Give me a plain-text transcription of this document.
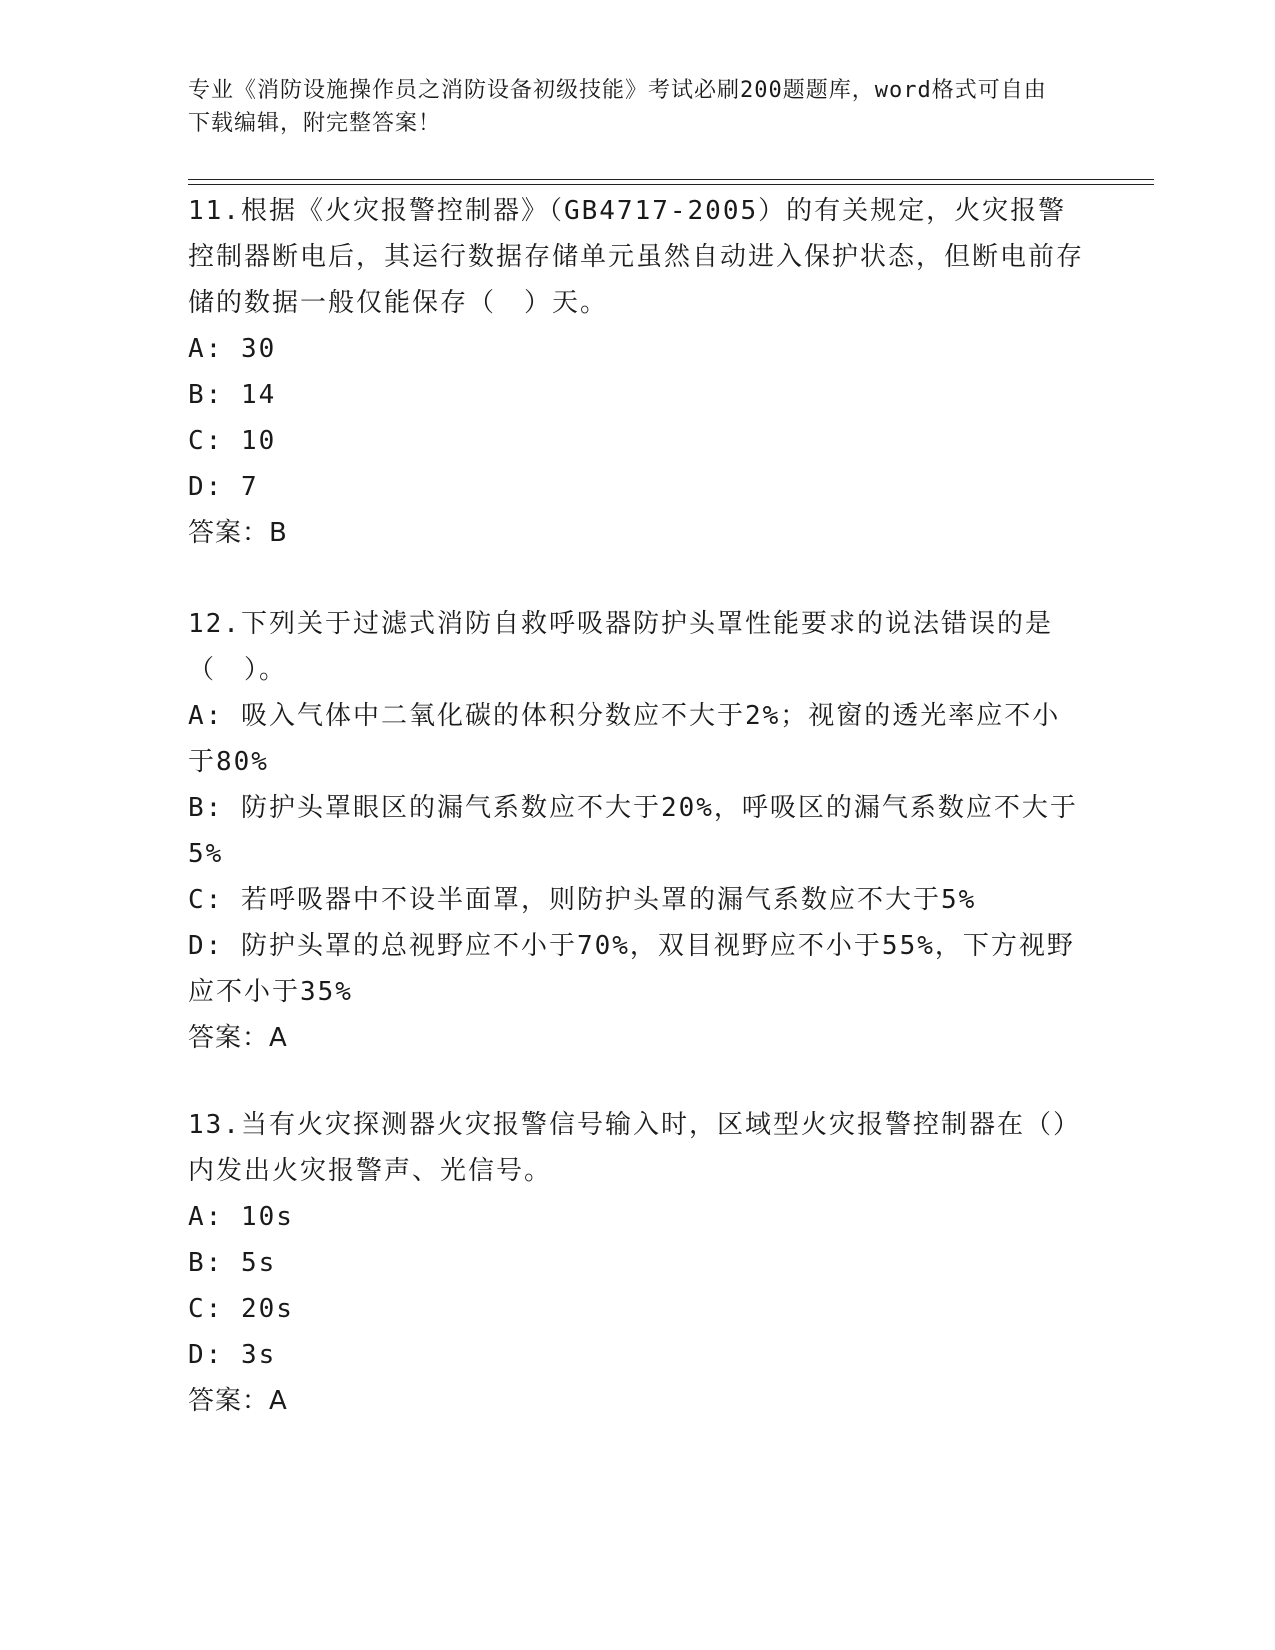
专业《消防设施操作员之消防设备初级技能》考试必刷200题题库，word格式可自由下载编辑，附完整答案！
11.根据《火灾报警控制器》（GB4717-2005）的有关规定，火灾报警控制器断电后，其运行数据存储单元虽然自动进入保护状态，但断电前存储的数据一般仅能保存（　）天。
A: 30
B: 14
C: 10
D: 7
答案：B
12.下列关于过滤式消防自救呼吸器防护头罩性能要求的说法错误的是（　）。
A: 吸入气体中二氧化碳的体积分数应不大于2%；视窗的透光率应不小于80%
B: 防护头罩眼区的漏气系数应不大于20%，呼吸区的漏气系数应不大于5%
C: 若呼吸器中不设半面罩，则防护头罩的漏气系数应不大于5%
D: 防护头罩的总视野应不小于70%，双目视野应不小于55%，下方视野应不小于35%
答案：A
13.当有火灾探测器火灾报警信号输入时，区域型火灾报警控制器在（）内发出火灾报警声、光信号。
A: 10s
B: 5s
C: 20s
D: 3s
答案：A
